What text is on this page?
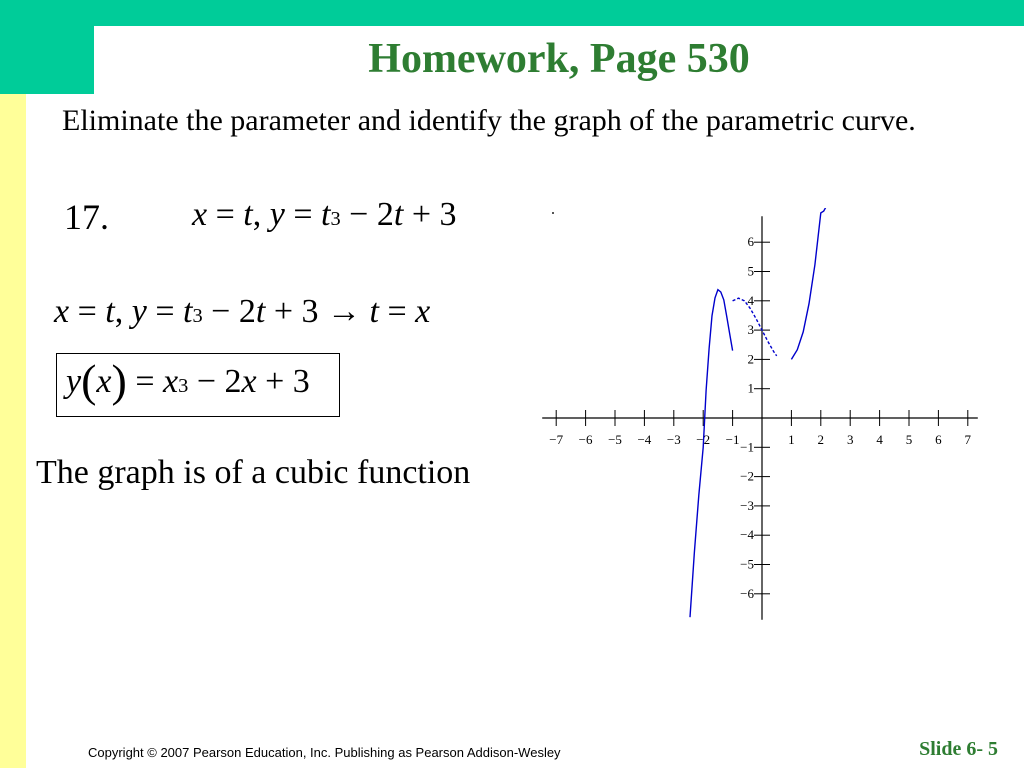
Homework, Page 530
Eliminate the parameter and identify the graph of the parametric curve.
17. x = t, $y = t^3 - 2t + 3$
x = t, $y = t^3 - 2t + 3 \to t = x$
$y(x) = x^3 - 2x + 3$
The graph is of a cubic function
−7 −6 −5 −4 −3 −2 −1	1 2 3 4 5 6 7
6
5
4
3
2
1
−1
−2
−3
−4
−5
−6
Copyright © 2007 Pearson Education, Inc. Publishing as Pearson Addison-Wesley	Slide 6- 5
